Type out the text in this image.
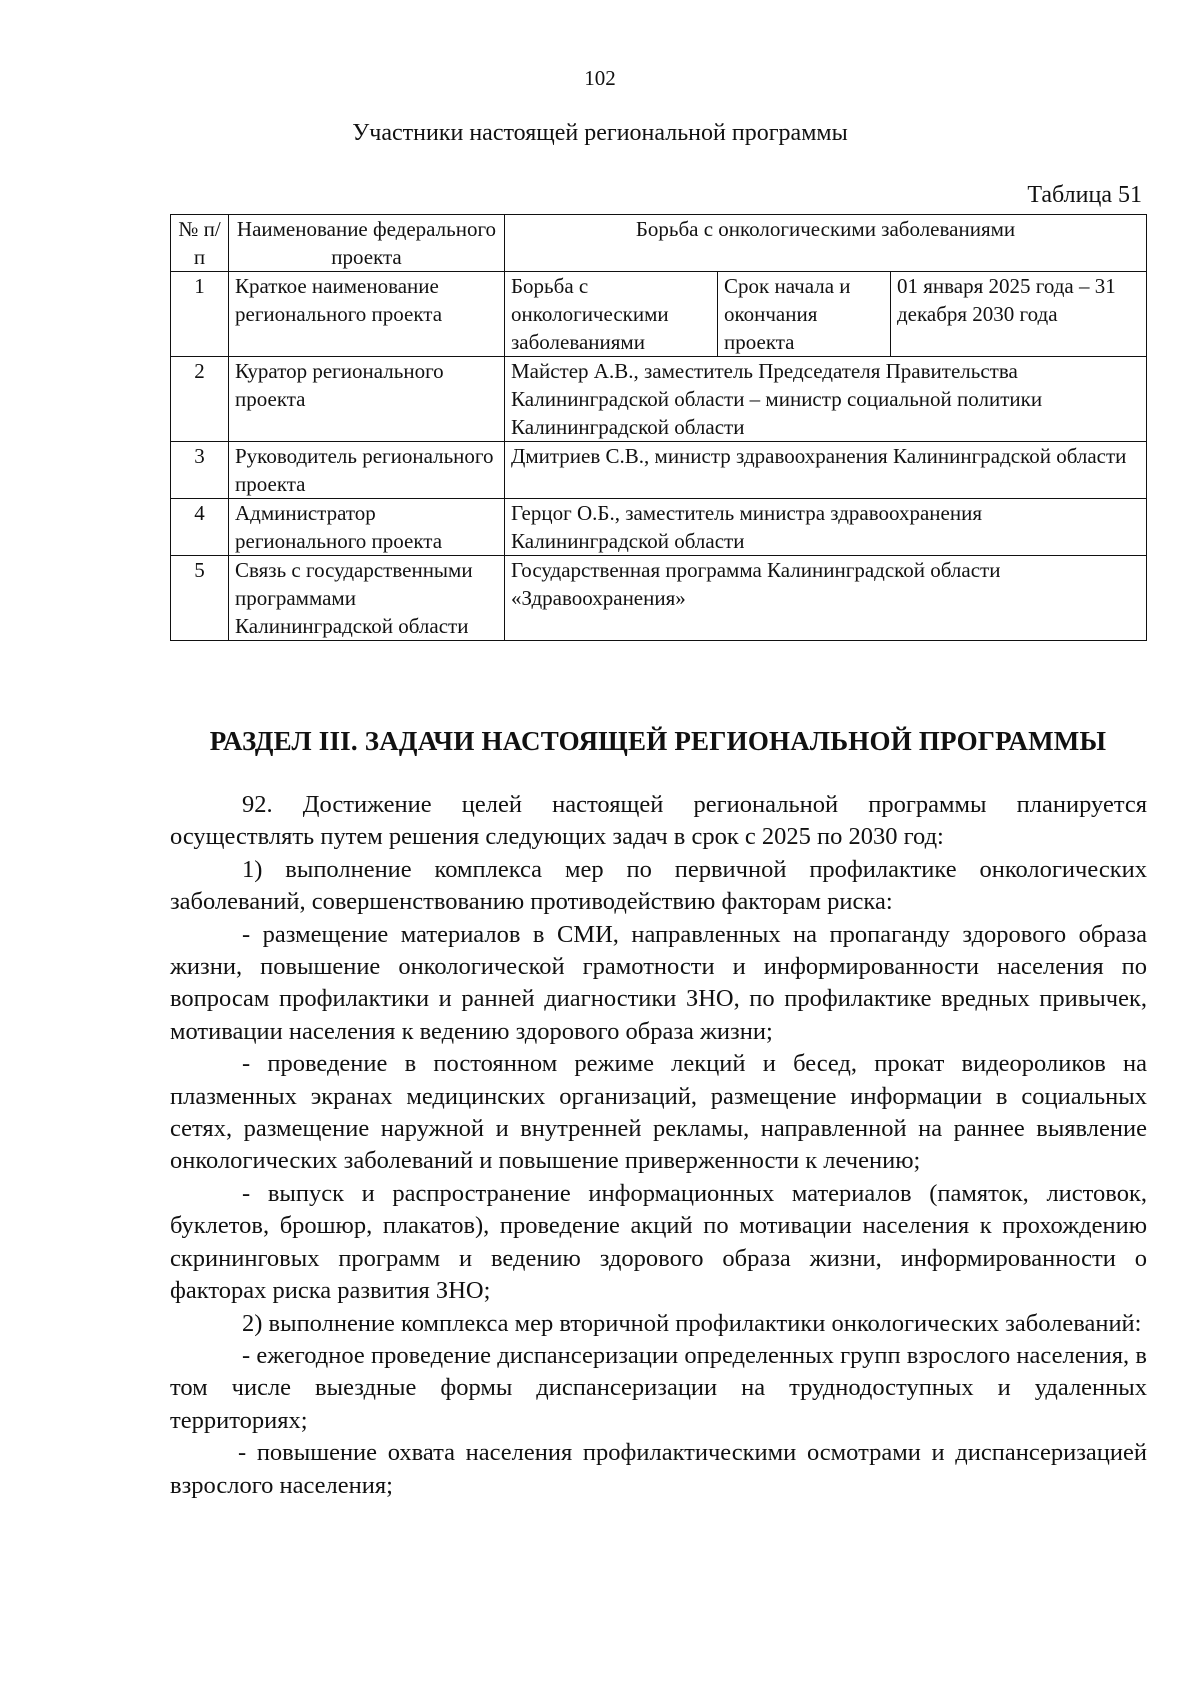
102
Участники настоящей региональной программы
Таблица 51
№ п/п	Наименование федерального проекта	Борьба с онкологическими заболеваниями		
1	Краткое наименование регионального проекта	Борьба с онкологическими заболеваниями	Срок начала и окончания проекта	01 января 2025 года – 31 декабря 2030 года
2	Куратор регионального проекта	Майстер А.В., заместитель Председателя Правительства Калининградской области – министр социальной политики Калининградской области		
3	Руководитель регионального проекта	Дмитриев С.В., министр здравоохранения Калининградской области		
4	Администратор регионального проекта	Герцог О.Б., заместитель министра здравоохранения Калининградской области		
5	Связь с государственными программами Калининградской области	Государственная программа Калининградской области «Здравоохранения»		
РАЗДЕЛ III. ЗАДАЧИ НАСТОЯЩЕЙ РЕГИОНАЛЬНОЙ ПРОГРАММЫ

92. Достижение целей настоящей региональной программы планируется осуществлять путем решения следующих задач в срок с 2025 по 2030 год:

1) выполнение комплекса мер по первичной профилактике онкологических заболеваний, совершенствованию противодействию факторам риска:

- размещение материалов в СМИ, направленных на пропаганду здорового образа жизни, повышение онкологической грамотности и информированности населения по вопросам профилактики и ранней диагностики ЗНО, по профилактике вредных привычек, мотивации населения к ведению здорового образа жизни;

- проведение в постоянном режиме лекций и бесед, прокат видеороликов на плазменных экранах медицинских организаций, размещение информации в социальных сетях, размещение наружной и внутренней рекламы, направленной на раннее выявление онкологических заболеваний и повышение приверженности к лечению;

- выпуск и распространение информационных материалов (памяток, листовок, буклетов, брошюр, плакатов), проведение акций по мотивации населения к прохождению скрининговых программ и ведению здорового образа жизни, информированности о факторах риска развития ЗНО;

2) выполнение комплекса мер вторичной профилактики онкологических заболеваний:

- ежегодное проведение диспансеризации определенных групп взрослого населения, в том числе выездные формы диспансеризации на труднодоступных и удаленных территориях;

- повышение охвата населения профилактическими осмотрами и диспансеризацией взрослого населения;
